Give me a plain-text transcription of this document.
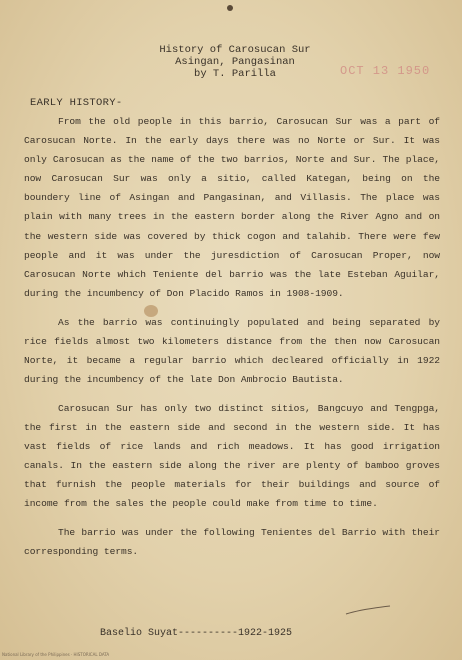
History of Carosucan Sur
Asingan, Pangasinan
by T. Parilla	OCT 13 1950
EARLY HISTORY-

From the old people in this barrio, Carosucan Sur was a part of Carosucan Norte. In the early days there was no Norte or Sur. It was only Carosucan as the name of the two barrios, Norte and Sur. The place, now Carosucan Sur was only a sitio, called Kategan, being on the boundery line of Asingan and Pangasinan, and Villasis. The place was plain with many trees in the eastern border along the River Agno and on the western side was covered by thick cogon and talahib. There were few people and it was under the juresdiction of Carosucan Proper, now Carosucan Norte which Teniente del barrio was the late Esteban Aguilar, during the incumbency of Don Placido Ramos in 1908-1909.

As the barrio was continuingly populated and being separated by rice fields almost two kilometers distance from the then now Carosucan Norte, it became a regular barrio which decleared officially in 1922 during the incumbency of the late Don Ambrocio Bautista.

Carosucan Sur has only two distinct sitios, Bangcuyo and Tengpga, the first in the eastern side and second in the western side. It has vast fields of rice lands and rich meadows. It has good irrigation canals. In the eastern side along the river are plenty of bamboo groves that furnish the people materials for their buildings and source of income from the sales the people could make from time to time.

The barrio was under the following Tenientes del Barrio with their corresponding terms.

Baselio Suyat----------1922-1925
National Library of the Philippines · HISTORICAL DATA
